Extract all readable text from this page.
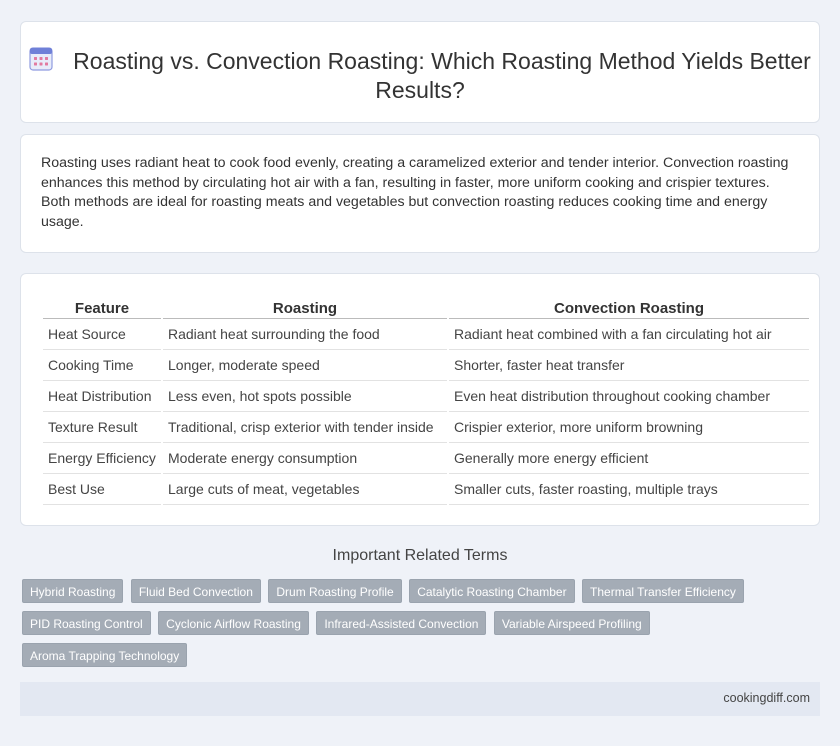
Roasting vs. Convection Roasting: Which Roasting Method Yields Better Results?

Roasting uses radiant heat to cook food evenly, creating a caramelized exterior and tender interior. Convection roasting enhances this method by circulating hot air with a fan, resulting in faster, more uniform cooking and crispier textures. Both methods are ideal for roasting meats and vegetables but convection roasting reduces cooking time and energy usage.

Feature	Roasting	Convection Roasting
Heat Source	Radiant heat surrounding the food	Radiant heat combined with a fan circulating hot air
Cooking Time	Longer, moderate speed	Shorter, faster heat transfer
Heat Distribution	Less even, hot spots possible	Even heat distribution throughout cooking chamber
Texture Result	Traditional, crisp exterior with tender inside	Crispier exterior, more uniform browning
Energy Efficiency	Moderate energy consumption	Generally more energy efficient
Best Use	Large cuts of meat, vegetables	Smaller cuts, faster roasting, multiple trays
Important Related Terms
Hybrid Roasting Fluid Bed Convection Drum Roasting Profile Catalytic Roasting Chamber Thermal Transfer Efficiency PID Roasting Control Cyclonic Airflow Roasting Infrared-Assisted Convection Variable Airspeed Profiling Aroma Trapping Technology
cookingdiff.com
